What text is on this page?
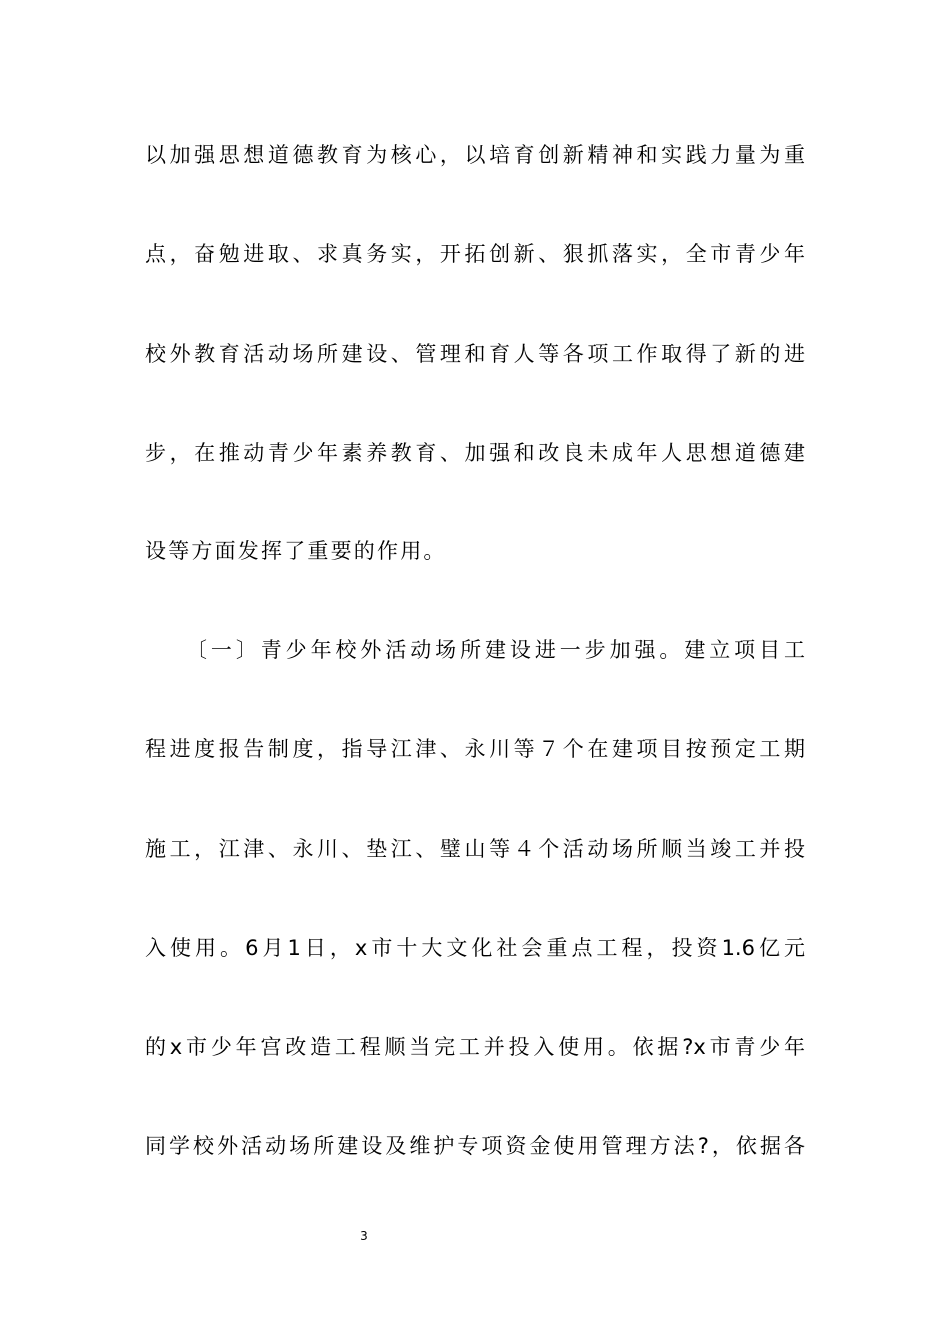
以加强思想道德教育为核心，以培育创新精神和实践力量为重
点，奋勉进取、求真务实，开拓创新、狠抓落实，全市青少年
校外教育活动场所建设、管理和育人等各项工作取得了新的进
步，在推动青少年素养教育、加强和改良未成年人思想道德建
设等方面发挥了重要的作用。
〔一〕青少年校外活动场所建设进一步加强。建立项目工
程进度报告制度，指导江津、永川等７个在建项目按预定工期
施工，江津、永川、垫江、璧山等４个活动场所顺当竣工并投
入使用。6月1日，x市十大文化社会重点工程，投资1.6亿元
的x市少年宫改造工程顺当完工并投入使用。依据?x市青少年
同学校外活动场所建设及维护专项资金使用管理方法?，依据各
3
